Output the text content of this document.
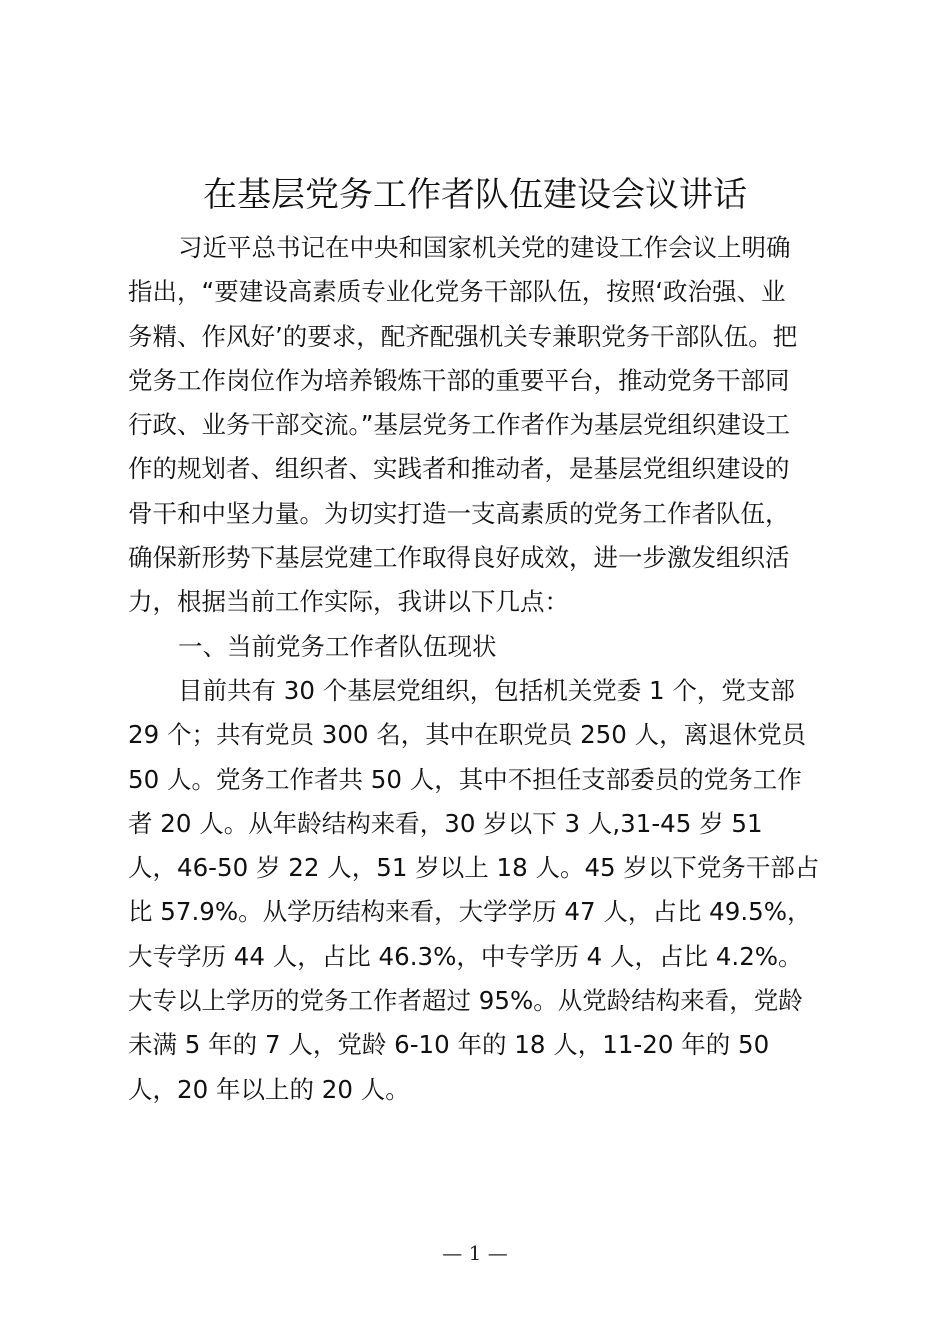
在基层党务工作者队伍建设会议讲话
习近平总书记在中央和国家机关党的建设工作会议上明确
指出，“要建设高素质专业化党务干部队伍，按照‘政治强、业
务精、作风好’的要求，配齐配强机关专兼职党务干部队伍。把
党务工作岗位作为培养锻炼干部的重要平台，推动党务干部同
行政、业务干部交流。”基层党务工作者作为基层党组织建设工
作的规划者、组织者、实践者和推动者，是基层党组织建设的
骨干和中坚力量。为切实打造一支高素质的党务工作者队伍，
确保新形势下基层党建工作取得良好成效，进一步激发组织活
力，根据当前工作实际，我讲以下几点：
一、当前党务工作者队伍现状
目前共有 30 个基层党组织，包括机关党委 1 个，党支部
29 个；共有党员 300 名，其中在职党员 250 人，离退休党员
50 人。党务工作者共 50 人，其中不担任支部委员的党务工作
者 20 人。从年龄结构来看，30 岁以下 3 人,31-45 岁 51
人，46-50 岁 22 人，51 岁以上 18 人。45 岁以下党务干部占
比 57.9%。从学历结构来看，大学学历 47 人，占比 49.5%，
大专学历 44 人，占比 46.3%，中专学历 4 人，占比 4.2%。
大专以上学历的党务工作者超过 95%。从党龄结构来看，党龄
未满 5 年的 7 人，党龄 6-10 年的 18 人，11-20 年的 50
人，20 年以上的 20 人。
— 1 —
